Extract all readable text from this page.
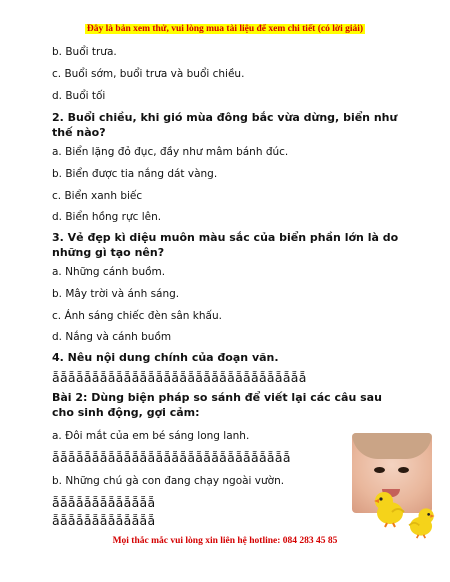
Đây là bản xem thử, vui lòng mua tài liệu để xem chi tiết (có lời giải)
b. Buổi trưa.
c. Buổi sớm, buổi trưa và buổi chiều.
d. Buổi tối
2. Buổi chiều, khi gió mùa đông bắc vừa dừng, biển như thế nào?
a. Biển lặng đỏ đục, đầy như mâm bánh đúc.
b. Biển được tia nắng dát vàng.
c. Biển xanh biếc
d. Biển hồng rực lên.
3. Vẻ đẹp kì diệu muôn màu sắc của biển phần lớn là do những gì tạo nên?
a. Những cánh buồm.
b. Mây trời và ánh sáng.
c. Ánh sáng chiếc đèn sân khấu.
d. Nắng và cánh buồm
4. Nêu nội dung chính của đoạn văn.
ẵẵẵẵẵẵẵẵẵẵẵẵẵẵẵẵẵẵẵẵẵẵẵẵẵẵẵẵẵẵẵẵ
Bài 2: Dùng biện pháp so sánh để viết lại các câu sau cho sinh động, gợi cảm:
a. Đôi mắt của em bé sáng long lanh.
ẵẵẵẵẵẵẵẵẵẵẵẵẵẵẵẵẵẵẵẵẵẵẵẵẵẵẵẵẵẵ
b. Những chú gà con đang chạy ngoài vườn.
ẵẵẵẵẵẵẵẵẵẵẵẵẵ
ẵẵẵẵẵẵẵẵẵẵẵẵẵ
Mọi thắc mắc vui lòng xin liên hệ hotline: 084 283 45 85
